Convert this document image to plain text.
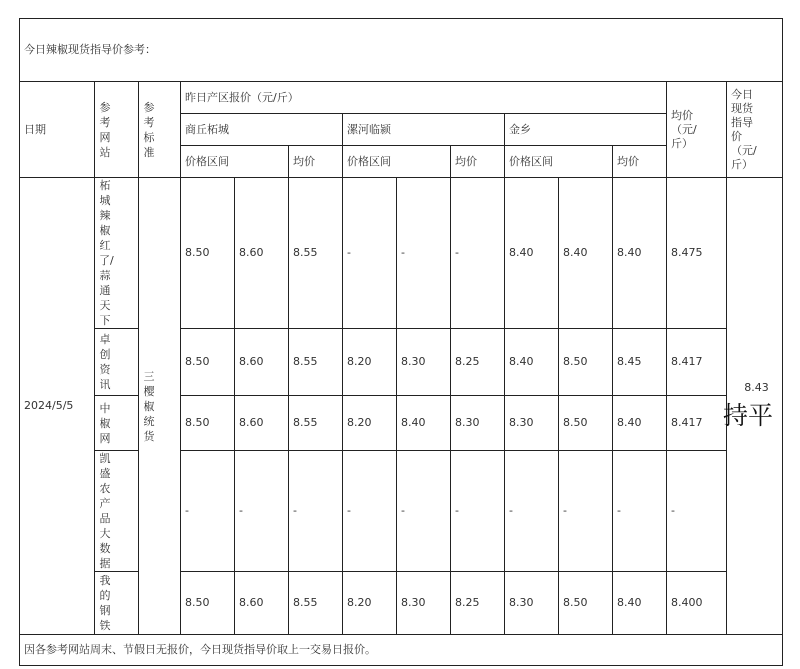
今日辣椒现货指导价参考：													
日期	参考网站	参考标准	昨日产区报价（元/斤）									均价（元/斤）	今日现货指导价（元/斤）
			商丘柘城			漯河临颍			金乡				
			价格区间		均价	价格区间		均价	价格区间		均价		
2024/5/5	柘城辣椒红了/蒜通天下	三樱椒统货	8.50	8.60	8.55	-	-	-	8.40	8.40	8.40	8.475	8.43
持平

	卓创资讯		8.50	8.60	8.55	8.20	8.30	8.25	8.40	8.50	8.45	8.417	
	中椒网		8.50	8.60	8.55	8.20	8.40	8.30	8.30	8.50	8.40	8.417	
	凯盛农产品大数据		-	-	-	-	-	-	-	-	-	-	
	我的钢铁		8.50	8.60	8.55	8.20	8.30	8.25	8.30	8.50	8.40	8.400	
因各参考网站周末、节假日无报价，今日现货指导价取上一交易日报价。													
